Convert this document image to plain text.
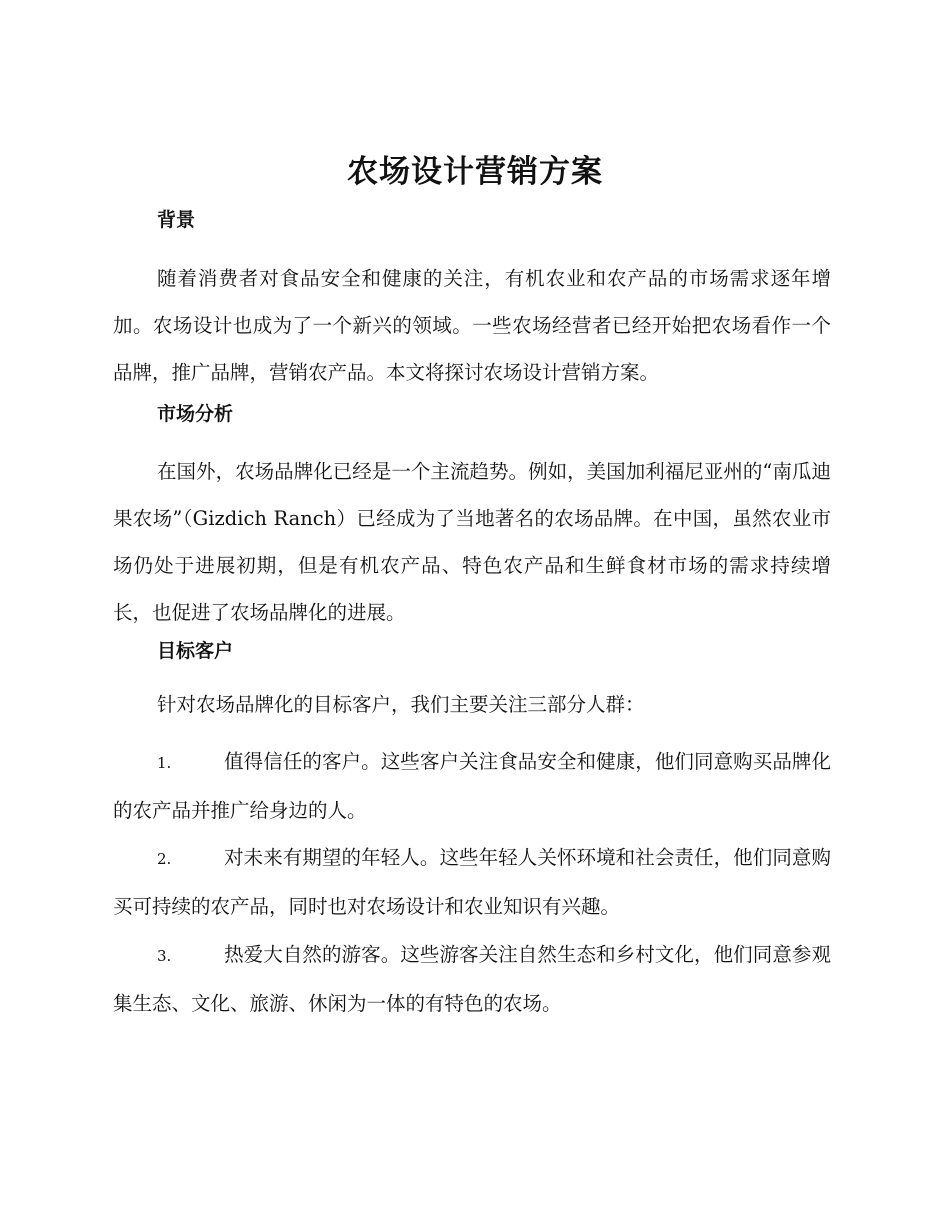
农场设计营销方案
背景

随着消费者对食品安全和健康的关注，有机农业和农产品的市场需求逐年增加。农场设计也成为了一个新兴的领域。一些农场经营者已经开始把农场看作一个品牌，推广品牌，营销农产品。本文将探讨农场设计营销方案。

市场分析

在国外，农场品牌化已经是一个主流趋势。例如，美国加利福尼亚州的“南瓜迪果农场”（Gizdich Ranch）已经成为了当地著名的农场品牌。在中国，虽然农业市场仍处于进展初期，但是有机农产品、特色农产品和生鲜食材市场的需求持续增长，也促进了农场品牌化的进展。

目标客户

针对农场品牌化的目标客户，我们主要关注三部分人群：

1.	值得信任的客户。这些客户关注食品安全和健康，他们同意购买品牌化的农产品并推广给身边的人。

2.	对未来有期望的年轻人。这些年轻人关怀环境和社会责任，他们同意购买可持续的农产品，同时也对农场设计和农业知识有兴趣。

3.	热爱大自然的游客。这些游客关注自然生态和乡村文化，他们同意参观集生态、文化、旅游、休闲为一体的有特色的农场。
